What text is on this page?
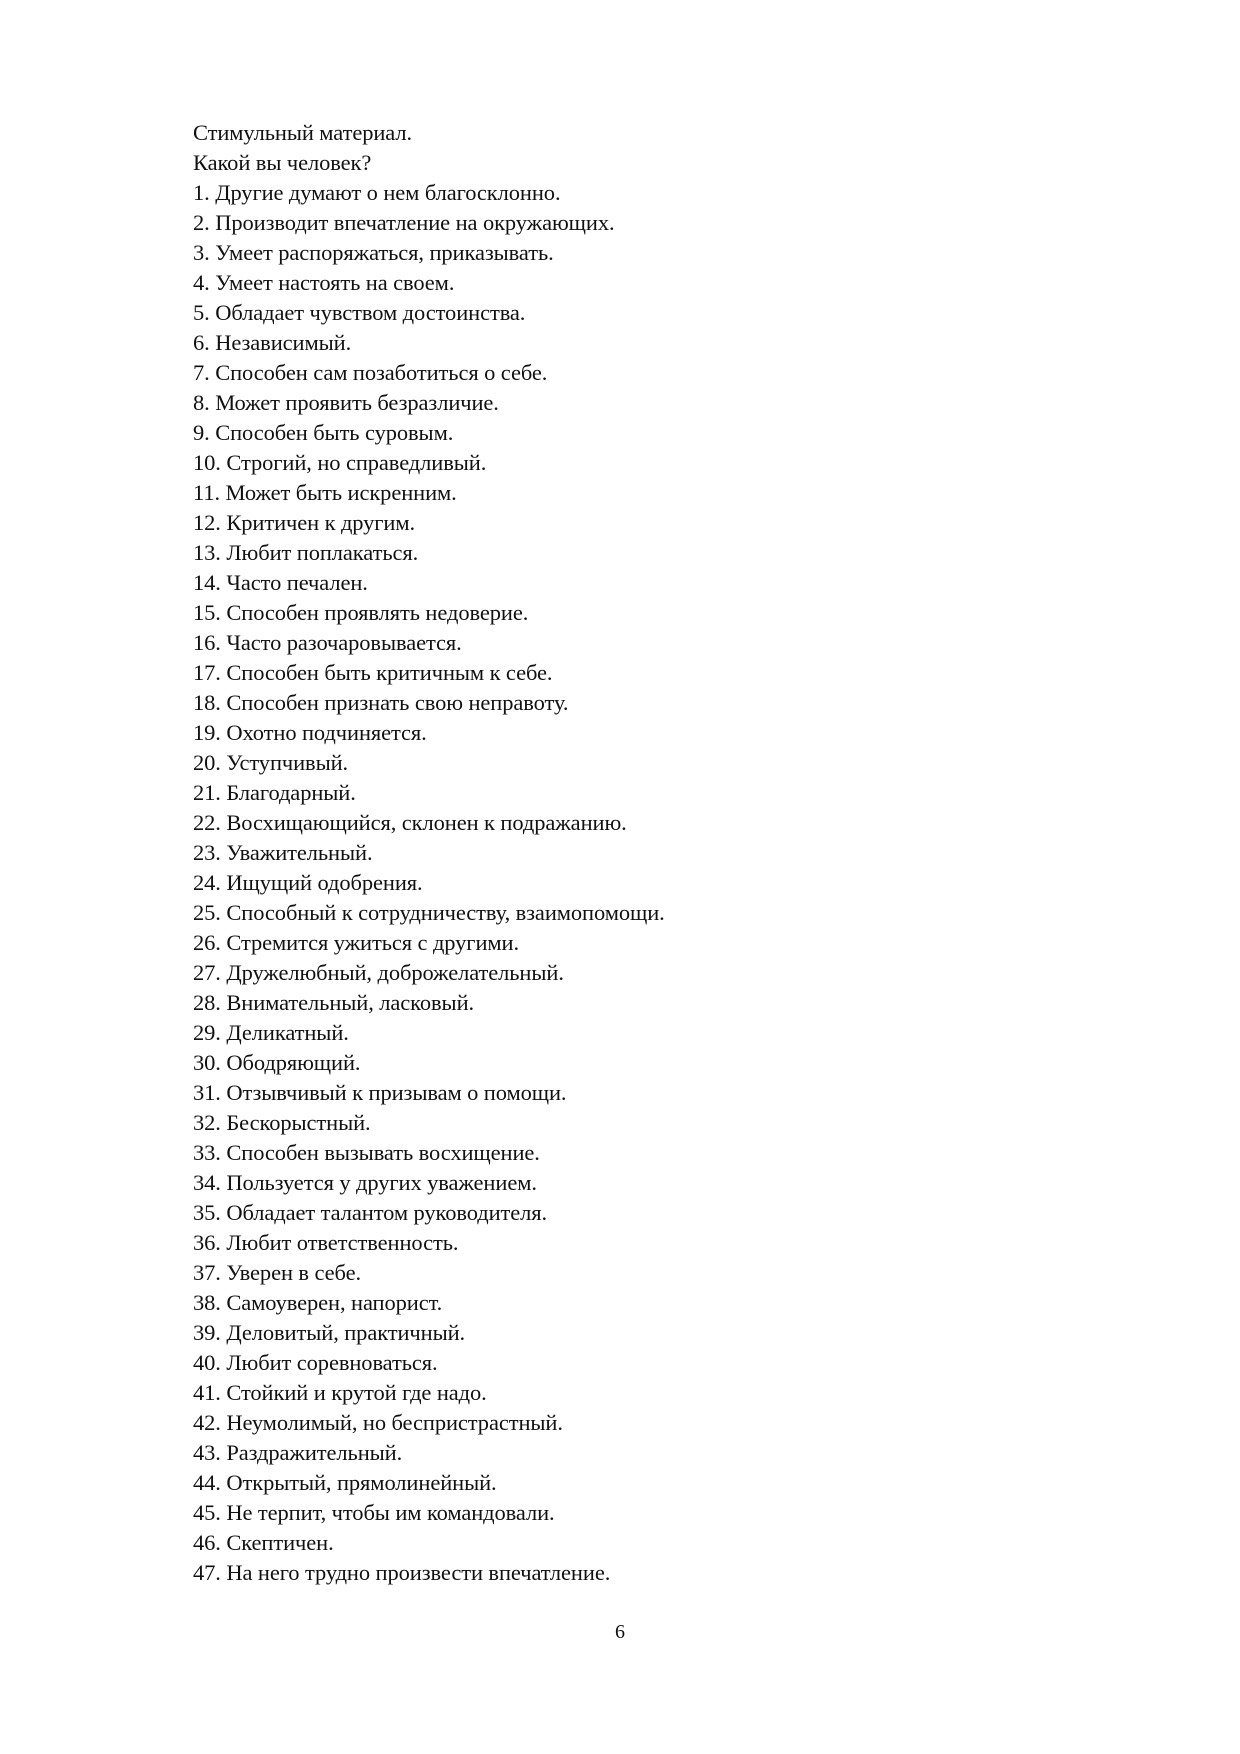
Стимульный материал.
Какой вы человек?
1. Другие думают о нем благосклонно.
2. Производит впечатление на окружающих.
3. Умеет распоряжаться, приказывать.
4. Умеет настоять на своем.
5. Обладает чувством достоинства.
6. Независимый.
7. Способен сам позаботиться о себе.
8. Может проявить безразличие.
9. Способен быть суровым.
10. Строгий, но справедливый.
11. Может быть искренним.
12. Критичен к другим.
13. Любит поплакаться.
14. Часто печален.
15. Способен проявлять недоверие.
16. Часто разочаровывается.
17. Способен быть критичным к себе.
18. Способен признать свою неправоту.
19. Охотно подчиняется.
20. Уступчивый.
21. Благодарный.
22. Восхищающийся, склонен к подражанию.
23. Уважительный.
24. Ищущий одобрения.
25. Способный к сотрудничеству, взаимопомощи.
26. Стремится ужиться с другими.
27. Дружелюбный, доброжелательный.
28. Внимательный, ласковый.
29. Деликатный.
30. Ободряющий.
31. Отзывчивый к призывам о помощи.
32. Бескорыстный.
33. Способен вызывать восхищение.
34. Пользуется у других уважением.
35. Обладает талантом руководителя.
36. Любит ответственность.
37. Уверен в себе.
38. Самоуверен, напорист.
39. Деловитый, практичный.
40. Любит соревноваться.
41. Стойкий и крутой где надо.
42. Неумолимый, но беспристрастный.
43. Раздражительный.
44. Открытый, прямолинейный.
45. Не терпит, чтобы им командовали.
46. Скептичен.
47. На него трудно произвести впечатление.
6
